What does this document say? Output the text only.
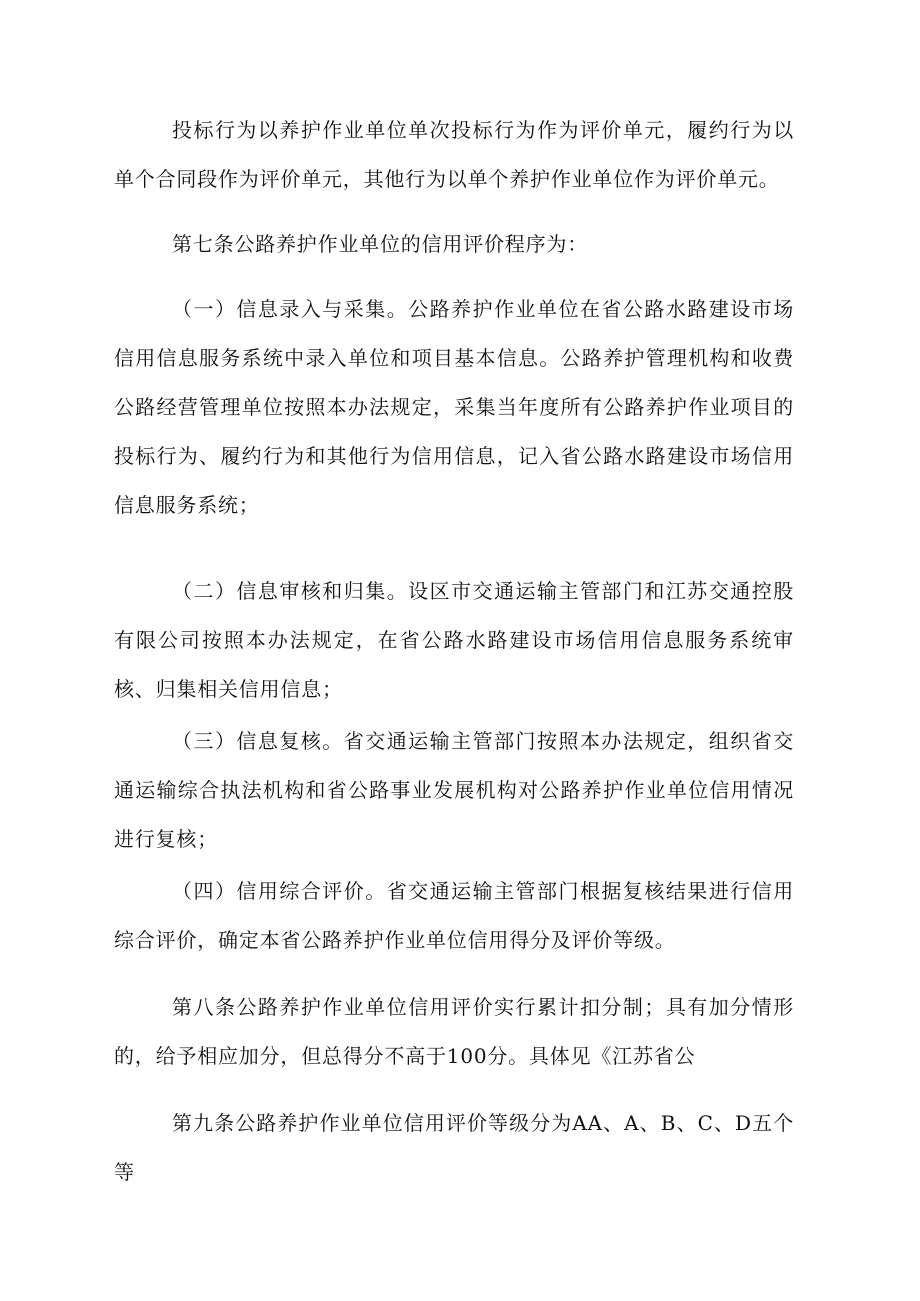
投标行为以养护作业单位单次投标行为作为评价单元，履约行为以单个合同段作为评价单元，其他行为以单个养护作业单位作为评价单元。

第七条公路养护作业单位的信用评价程序为：

（一）信息录入与采集。公路养护作业单位在省公路水路建设市场信用信息服务系统中录入单位和项目基本信息。公路养护管理机构和收费公路经营管理单位按照本办法规定，采集当年度所有公路养护作业项目的投标行为、履约行为和其他行为信用信息，记入省公路水路建设市场信用信息服务系统；

（二）信息审核和归集。设区市交通运输主管部门和江苏交通控股有限公司按照本办法规定，在省公路水路建设市场信用信息服务系统审核、归集相关信用信息；

（三）信息复核。省交通运输主管部门按照本办法规定，组织省交通运输综合执法机构和省公路事业发展机构对公路养护作业单位信用情况进行复核；

（四）信用综合评价。省交通运输主管部门根据复核结果进行信用综合评价，确定本省公路养护作业单位信用得分及评价等级。

第八条公路养护作业单位信用评价实行累计扣分制；具有加分情形的，给予相应加分，但总得分不高于100分。具体见《江苏省公

第九条公路养护作业单位信用评价等级分为AA、A、B、C、D五个等
